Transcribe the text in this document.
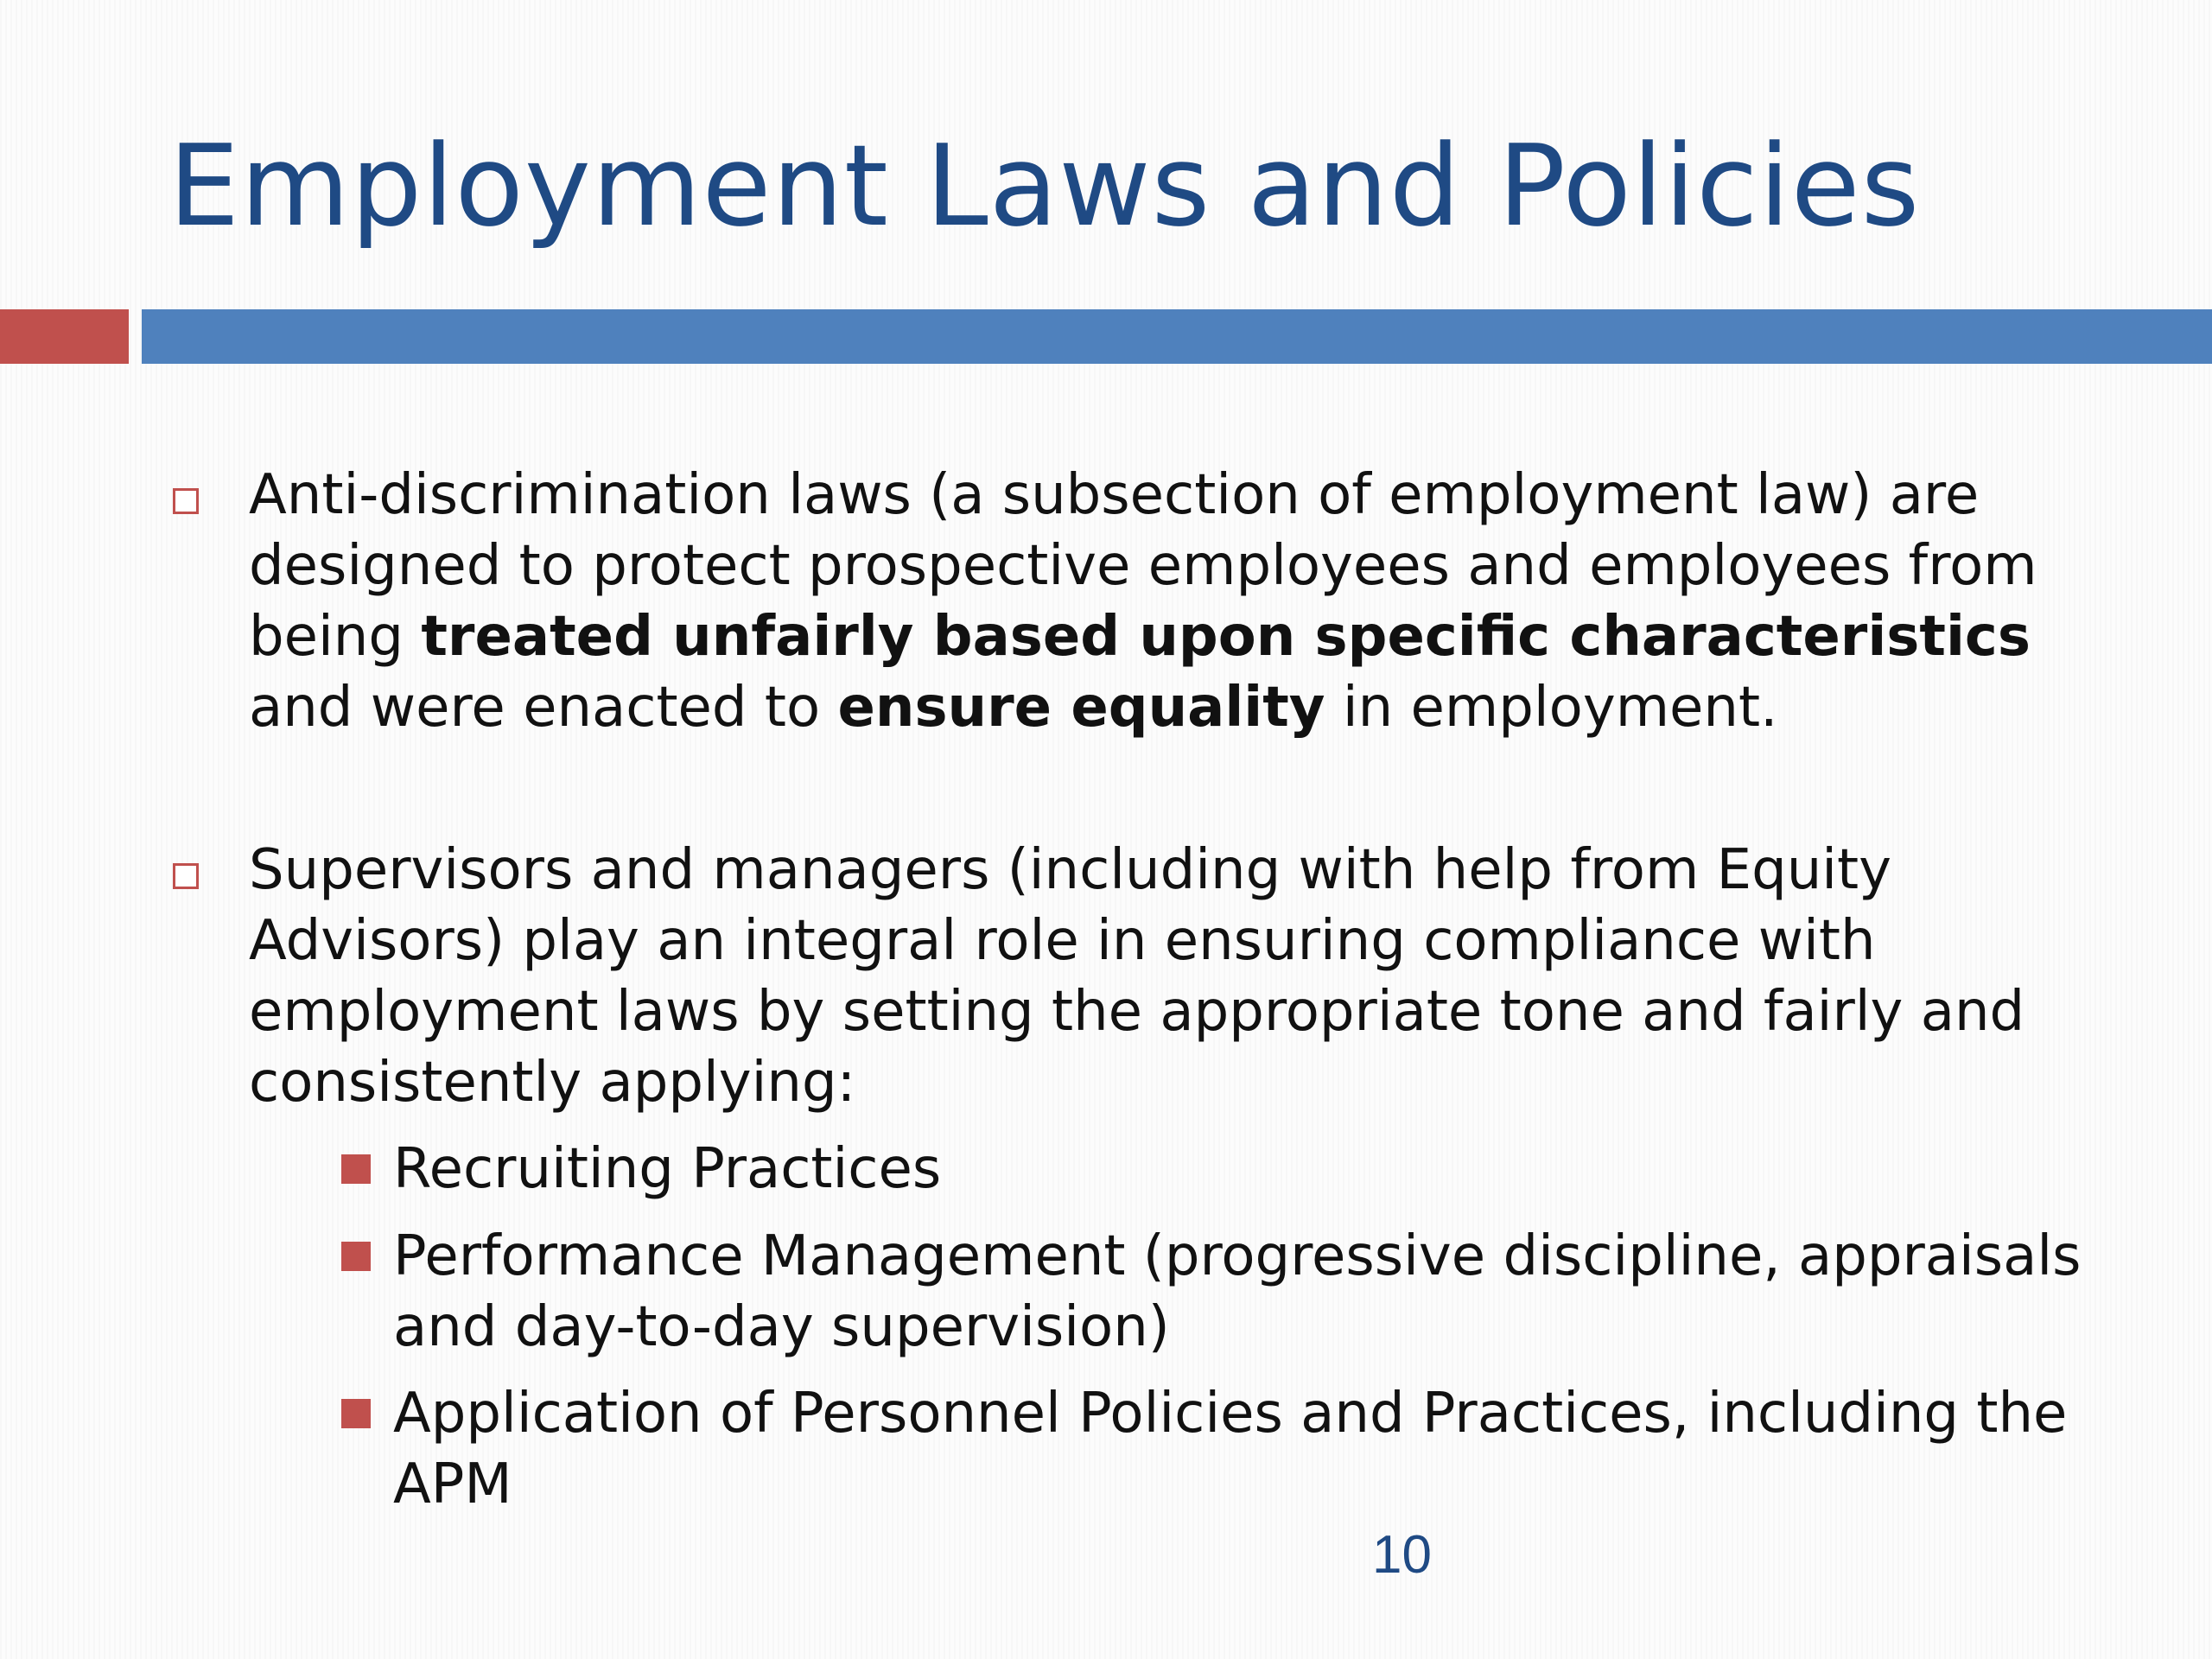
Employment Laws and Policies
Anti-discrimination laws (a subsection of employment law) are designed to protect prospective employees and employees from being treated unfairly based upon specific characteristics and were enacted to ensure equality in employment.
Supervisors and managers (including with help from Equity Advisors) play an integral role in ensuring compliance with employment laws by setting the appropriate tone and fairly and consistently applying:
Recruiting Practices
Performance Management (progressive discipline, appraisals and day-to-day supervision)
Application of Personnel Policies and Practices, including the APM
10
